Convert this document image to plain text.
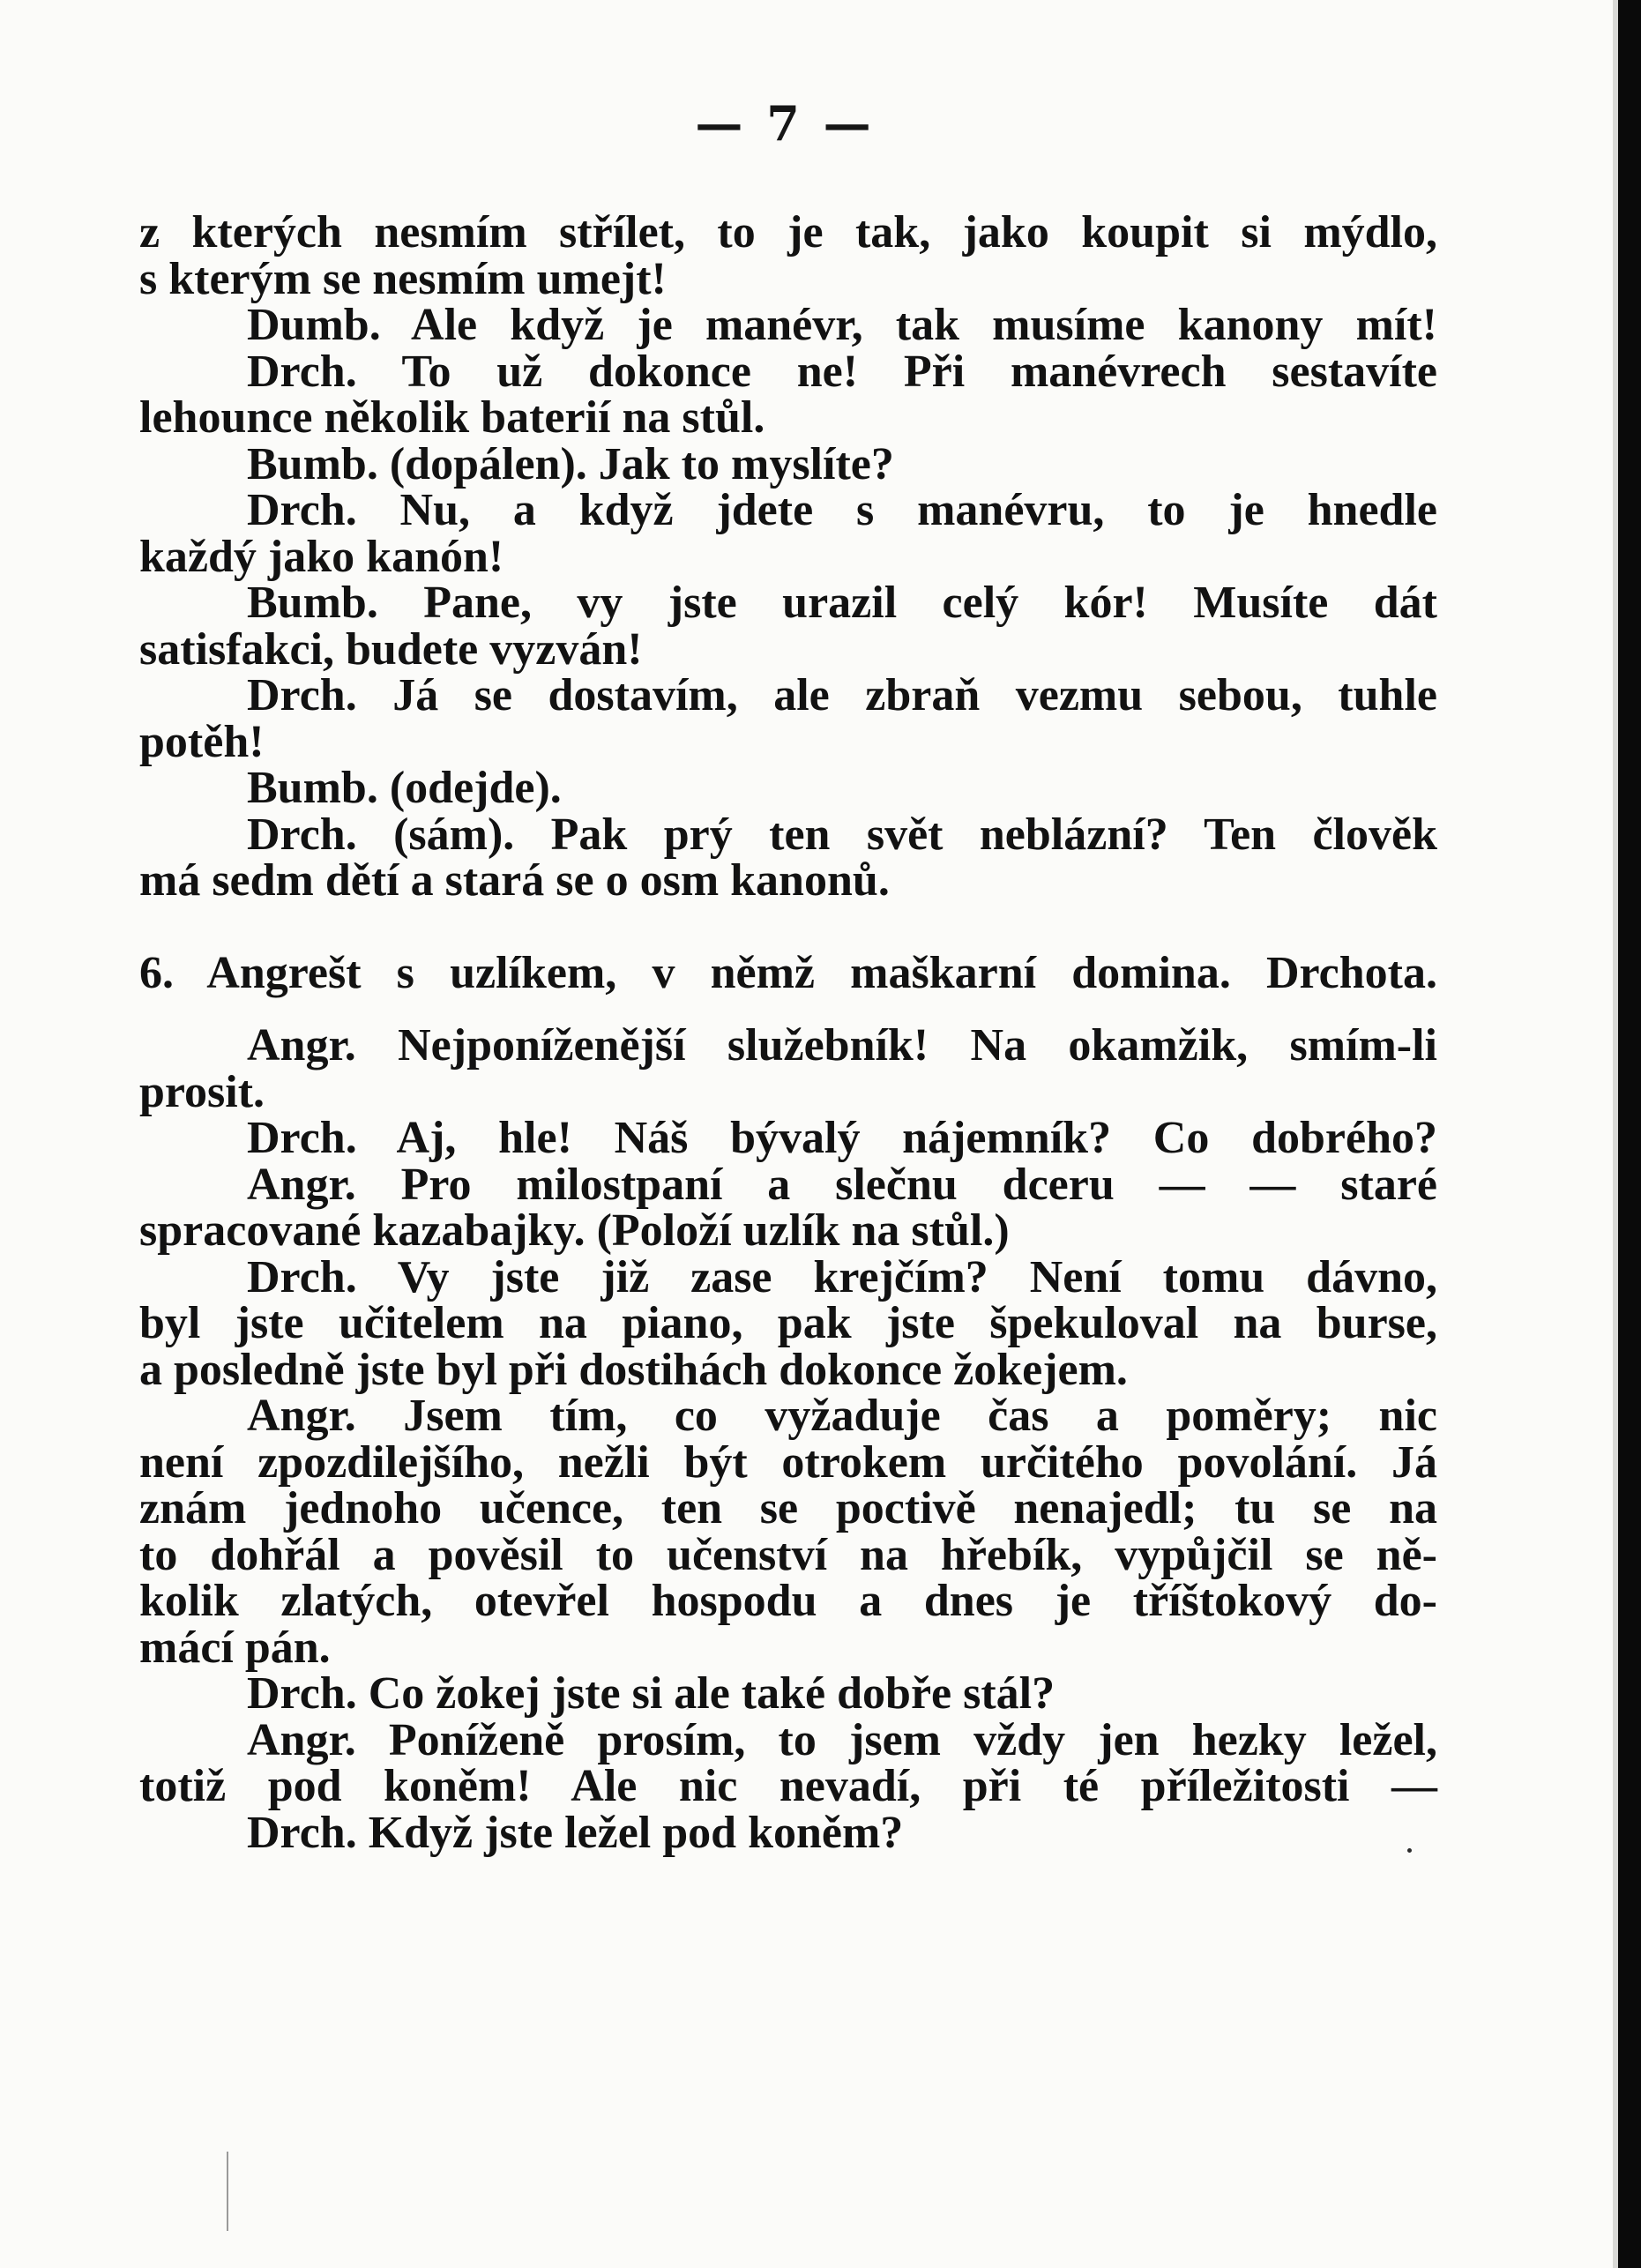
— 7 —
z kterých nesmím střílet, to je tak, jako koupit si mýdlo,
s kterým se nesmím umejt!
Dumb. Ale když je manévr, tak musíme kanony mít!
Drch. To už dokonce ne! Při manévrech sestavíte
lehounce několik baterií na stůl.
Bumb. (dopálen). Jak to myslíte?
Drch. Nu, a když jdete s manévru, to je hnedle
každý jako kanón!
Bumb. Pane, vy jste urazil celý kór! Musíte dát
satisfakci, budete vyzván!
Drch. Já se dostavím, ale zbraň vezmu sebou, tuhle
potěh!
Bumb. (odejde).
Drch. (sám). Pak prý ten svět neblázní? Ten člověk
má sedm dětí a stará se o osm kanonů.
6. Angrešt s uzlíkem, v němž maškarní domina. Drchota.
Angr. Nejponíženější služebník! Na okamžik, smím-li
prosit.
Drch. Aj, hle! Náš bývalý nájemník? Co dobrého?
Angr. Pro milostpaní a slečnu dceru — — staré
spracované kazabajky. (Položí uzlík na stůl.)
Drch. Vy jste již zase krejčím? Není tomu dávno,
byl jste učitelem na piano, pak jste špekuloval na burse,
a posledně jste byl při dostihách dokonce žokejem.
Angr. Jsem tím, co vyžaduje čas a poměry; nic
není zpozdilejšího, nežli být otrokem určitého povolání. Já
znám jednoho učence, ten se poctivě nenajedl; tu se na
to dohřál a pověsil to učenství na hřebík, vypůjčil se ně-
kolik zlatých, otevřel hospodu a dnes je tříštokový do-
mácí pán.
Drch. Co žokej jste si ale také dobře stál?
Angr. Poníženě prosím, to jsem vždy jen hezky ležel,
totiž pod koněm! Ale nic nevadí, při té příležitosti —
Drch. Když jste ležel pod koněm?
